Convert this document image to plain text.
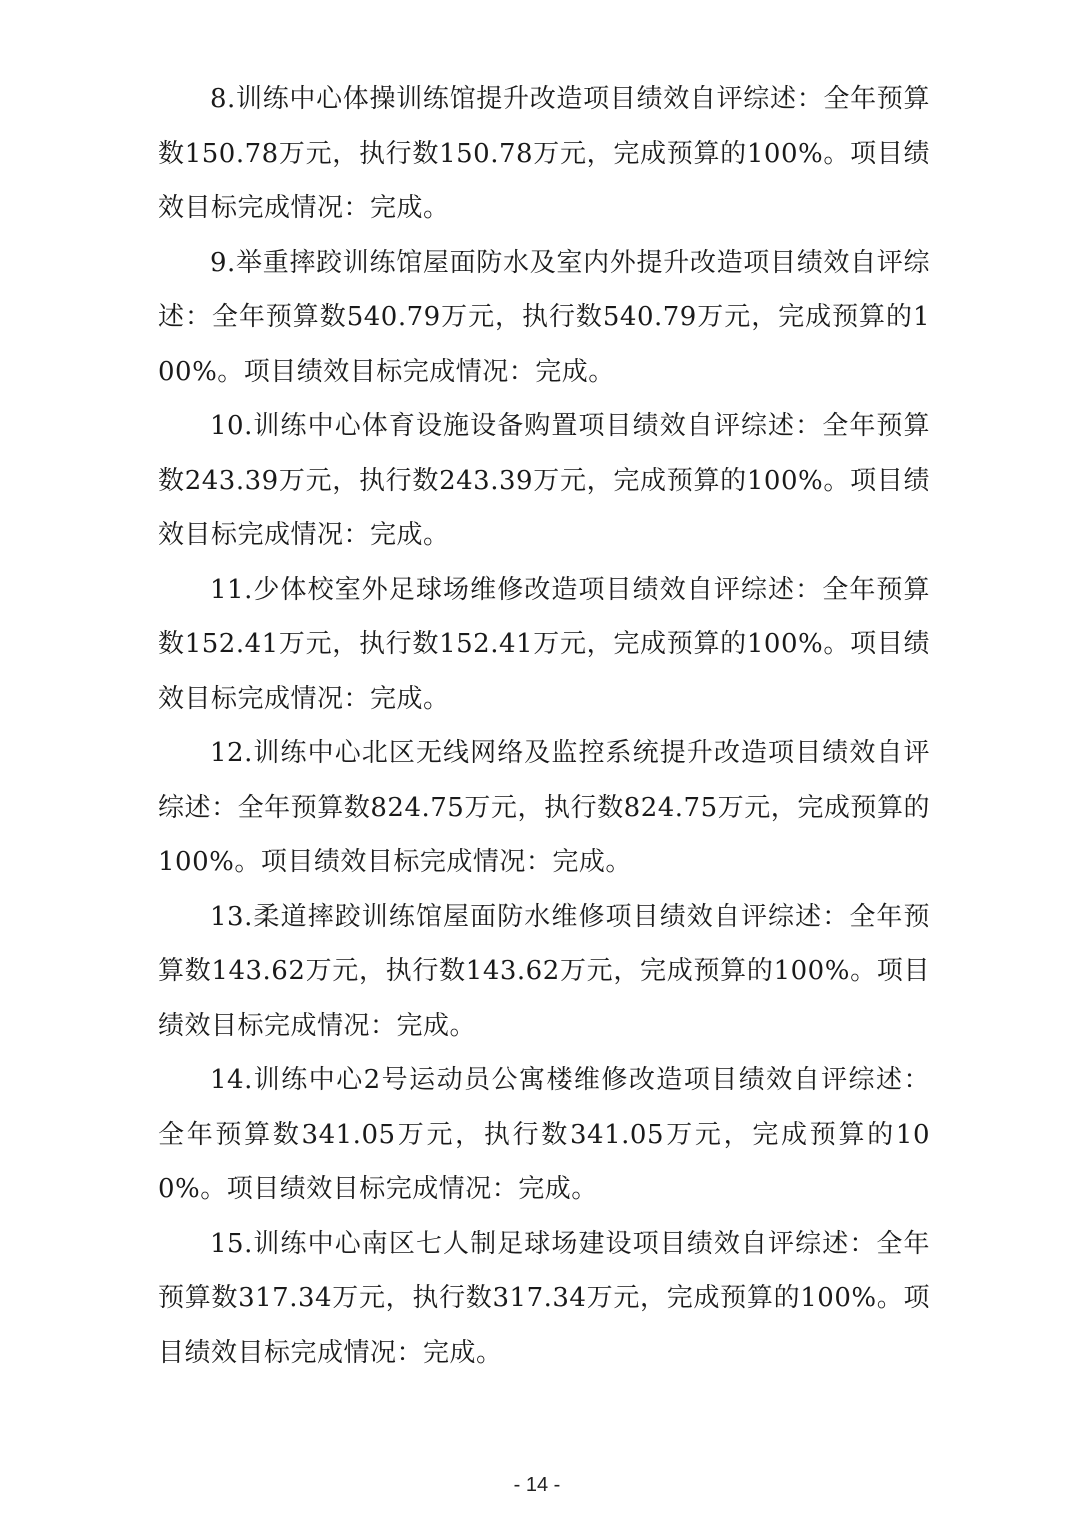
8.训练中心体操训练馆提升改造项目绩效自评综述：全年预算数150.78万元，执行数150.78万元，完成预算的100%。项目绩效目标完成情况：完成。

9.举重摔跤训练馆屋面防水及室内外提升改造项目绩效自评综述：全年预算数540.79万元，执行数540.79万元，完成预算的100%。项目绩效目标完成情况：完成。

10.训练中心体育设施设备购置项目绩效自评综述：全年预算数243.39万元，执行数243.39万元，完成预算的100%。项目绩效目标完成情况：完成。

11.少体校室外足球场维修改造项目绩效自评综述：全年预算数152.41万元，执行数152.41万元，完成预算的100%。项目绩效目标完成情况：完成。

12.训练中心北区无线网络及监控系统提升改造项目绩效自评综述：全年预算数824.75万元，执行数824.75万元，完成预算的100%。项目绩效目标完成情况：完成。

13.柔道摔跤训练馆屋面防水维修项目绩效自评综述：全年预算数143.62万元，执行数143.62万元，完成预算的100%。项目绩效目标完成情况：完成。

14.训练中心2号运动员公寓楼维修改造项目绩效自评综述：全年预算数341.05万元，执行数341.05万元，完成预算的100%。项目绩效目标完成情况：完成。

15.训练中心南区七人制足球场建设项目绩效自评综述：全年预算数317.34万元，执行数317.34万元，完成预算的100%。项目绩效目标完成情况：完成。

- 14 -
